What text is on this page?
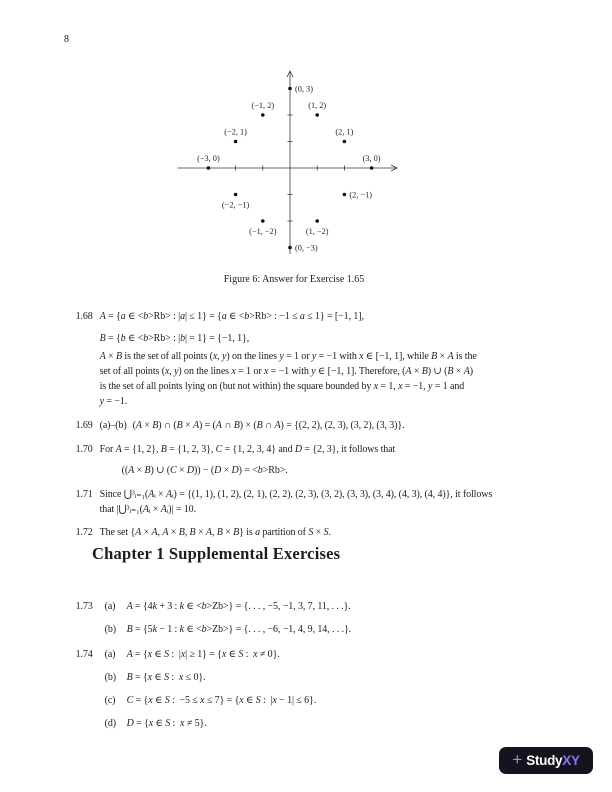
8
(0, 3)
(−1, 2)	(1, 2)
(−2, 1)	(2, 1)
(−3, 0)	(3, 0)
(−2, −1)
(2, −1)
(−1, −2)	(1, −2)
(0, −3)
Figure 6: Answer for Exercise 1.65

1.68 A = {a ∈ <b>Rb> : |a| ≤ 1} = {a ∈ <b>Rb> : −1 ≤ a ≤ 1} = [−1, 1],

B = {b ∈ <b>Rb> : |b| = 1} = {−1, 1},

A × B is the set of all points (x, y) on the lines y = 1 or y = −1 with x ∈ [−1, 1], while B × A is the

set of all points (x, y) on the lines x = 1 or x = −1 with y ∈ [−1, 1]. Therefore, (A × B) ∪ (B × A)

is the set of all points lying on (but not within) the square bounded by x = 1, x = −1, y = 1 and

y = −1.

1.69 (a)–(b) (A × B) ∩ (B × A) = (A ∩ B) × (B ∩ A) = {(2, 2), (2, 3), (3, 2), (3, 3)}.

1.70 For A = {1, 2}, B = {1, 2, 3}, C = {1, 2, 3, 4} and D = {2, 3}, it follows that

((A × B) ∪ (C × D)) − (D × D) = <b>Rb>.

1.71 Since ⋃³ᵢ₌₁(Aᵢ × Aᵢ) = {(1, 1), (1, 2), (2, 1), (2, 2), (2, 3), (3, 2), (3, 3), (3, 4), (4, 3), (4, 4)}, it follows

that |⋃³ᵢ₌₁(Aᵢ × Aᵢ)| = 10.

1.72 The set {A × A, A × B, B × A, B × B} is a partition of S × S.

Chapter 1 Supplemental Exercises

1.73 (a) A = {4k + 3 : k ∈ <b>Zb>} = {. . . , −5, −1, 3, 7, 11, . . .}.

(b) B = {5k − 1 : k ∈ <b>Zb>} = {. . . , −6, −1, 4, 9, 14, . . .}.

1.74 (a) A = {x ∈ S :  |x| ≥ 1} = {x ∈ S :  x ≠ 0}.

(b) B = {x ∈ S :  x ≤ 0}.

(c) C = {x ∈ S :  −5 ≤ x ≤ 7} = {x ∈ S :  |x − 1| ≤ 6}.

(d) D = {x ∈ S :  x ≠ 5}.

+ Study XY
